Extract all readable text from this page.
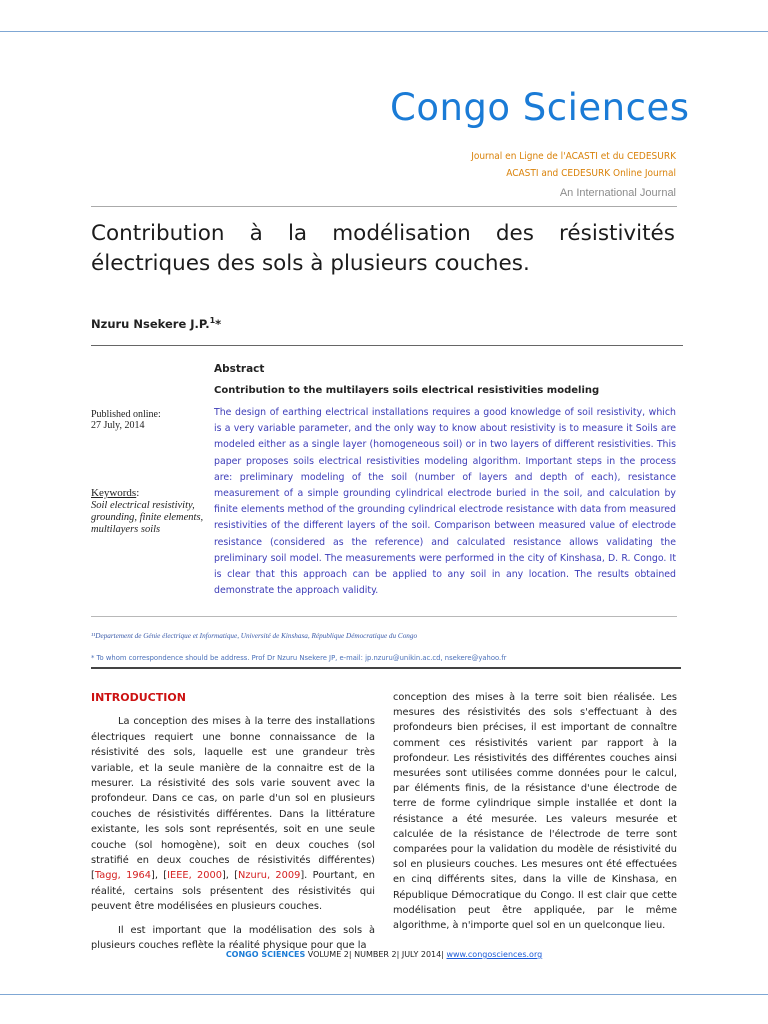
Congo Sciences
Journal en Ligne de l'ACASTI et du CEDESURK
ACASTI and CEDESURK Online Journal
An International Journal
Contribution à la modélisation des résistivités électriques des sols à plusieurs couches.
Nzuru Nsekere J.P.$^1$*
Abstract
Contribution to the multilayers soils electrical resistivities modeling
The design of earthing electrical installations requires a good knowledge of soil resistivity, which is a very variable parameter, and the only way to know about resistivity is to measure it Soils are modeled either as a single layer (homogeneous soil) or in two layers of different resistivities. This paper proposes soils electrical resistivities modeling algorithm. Important steps in the process are: preliminary modeling of the soil (number of layers and depth of each), resistance measurement of a simple grounding cylindrical electrode buried in the soil, and calculation by finite elements method of the grounding cylindrical electrode resistance with data from measured resistivities of the different layers of the soil. Comparison between measured value of electrode resistance (considered as the reference) and calculated resistance allows validating the preliminary soil model. The measurements were performed in the city of Kinshasa, D. R. Congo. It is clear that this approach can be applied to any soil in any location. The results obtained demonstrate the approach validity.
Published online:
27 July, 2014
Keywords:
Soil electrical resistivity, grounding, finite elements, multilayers soils
¹¹Departement de Génie électrique et Informatique, Université de Kinshasa, République Démocratique du Congo
* To whom correspondence should be address. Prof Dr Nzuru Nsekere JP, e-mail: jp.nzuru@unikin.ac.cd, nsekere@yahoo.fr
INTRODUCTION

La conception des mises à la terre des installations électriques requiert une bonne connaissance de la résistivité des sols, laquelle est une grandeur très variable, et la seule manière de la connaitre est de la mesurer. La résistivité des sols varie souvent avec la profondeur. Dans ce cas, on parle d'un sol en plusieurs couches de résistivités différentes. Dans la littérature existante, les sols sont représentés, soit en une seule couche (sol homogène), soit en deux couches (sol stratifié en deux couches de résistivités différentes) [Tagg, 1964], [IEEE, 2000], [Nzuru, 2009]. Pourtant, en réalité, certains sols présentent des résistivités qui peuvent être modélisées en plusieurs couches.

Il est important que la modélisation des sols à plusieurs couches reflète la réalité physique pour que la

conception des mises à la terre soit bien réalisée. Les mesures des résistivités des sols s'effectuant à des profondeurs bien précises, il est important de connaître comment ces résistivités varient par rapport à la profondeur. Les résistivités des différentes couches ainsi mesurées sont utilisées comme données pour le calcul, par éléments finis, de la résistance d'une électrode de terre de forme cylindrique simple installée et dont la résistance a été mesurée. Les valeurs mesurée et calculée de la résistance de l'électrode de terre sont comparées pour la validation du modèle de résistivité du sol en plusieurs couches. Les mesures ont été effectuées en cinq différents sites, dans la ville de Kinshasa, en République Démocratique du Congo. Il est clair que cette modélisation peut être appliquée, par le même algorithme, à n'importe quel sol en un quelconque lieu.

CONGO SCIENCES VOLUME 2| NUMBER 2| JULY 2014| www.congosciences.org
